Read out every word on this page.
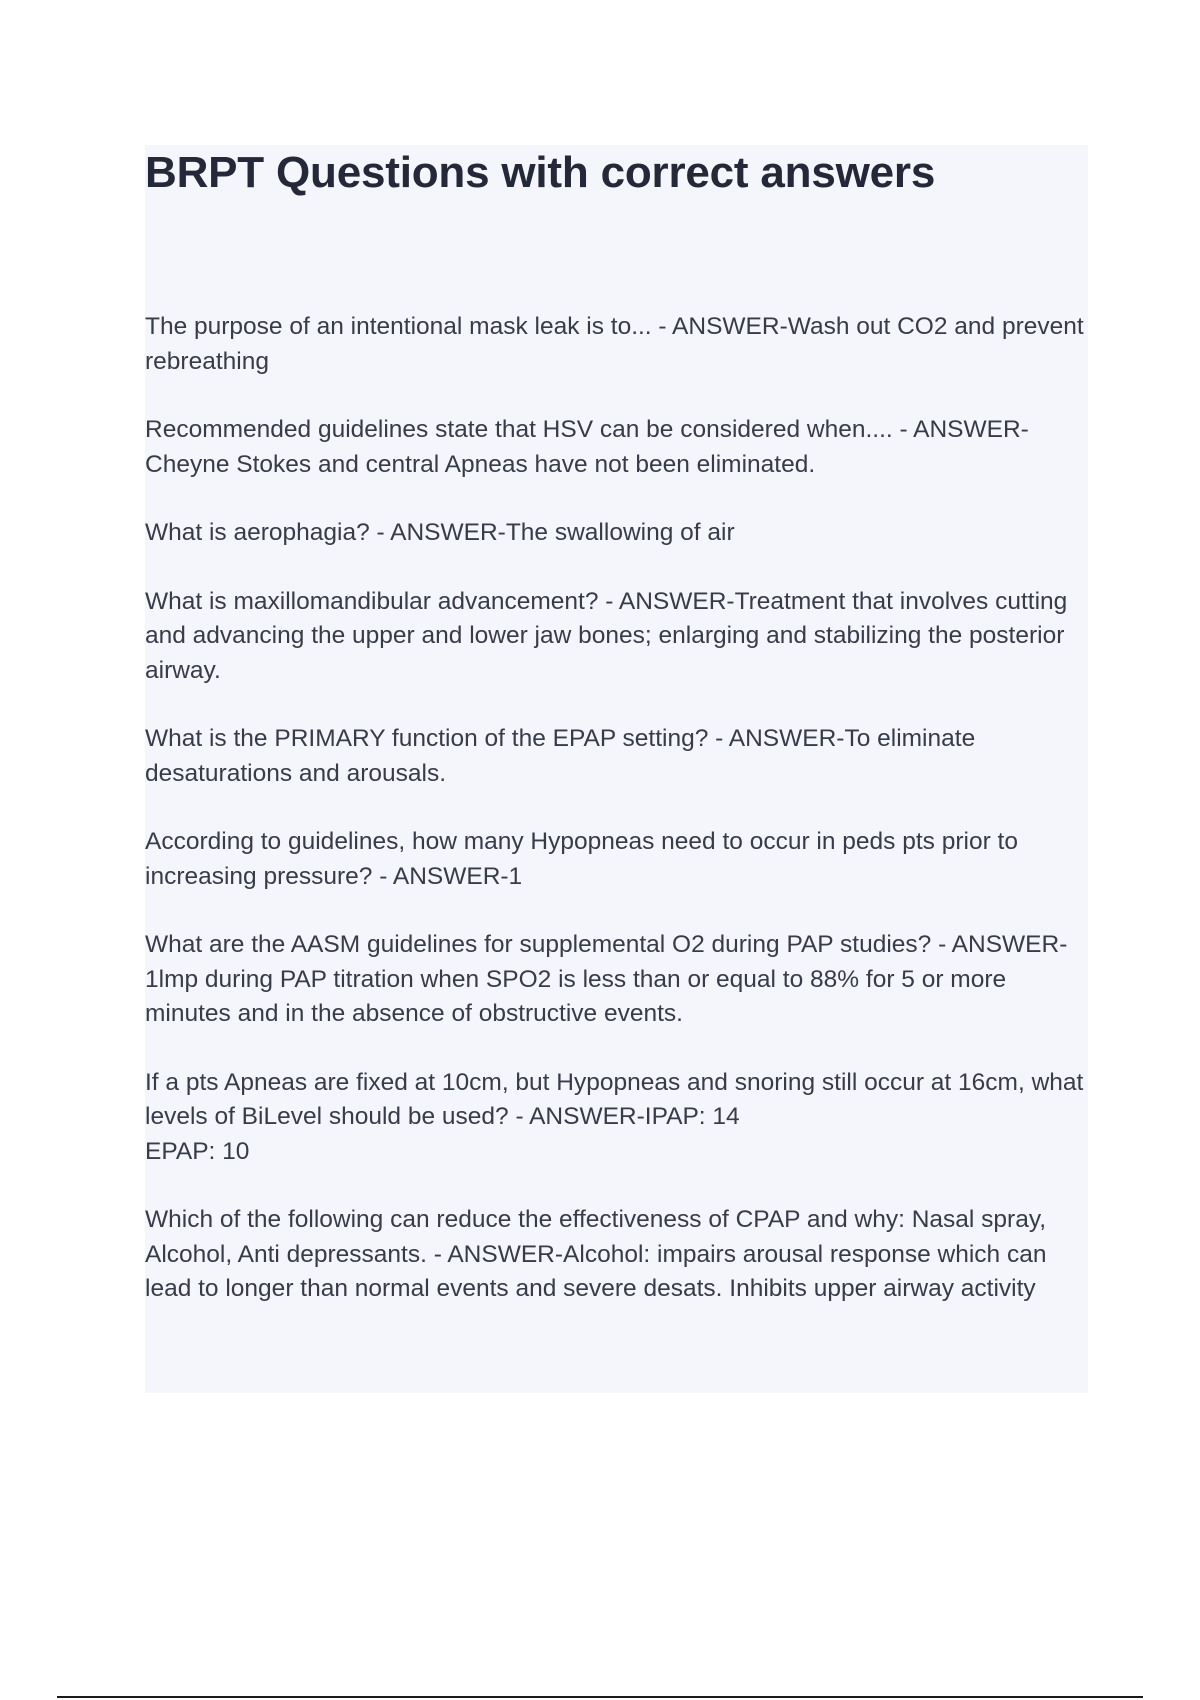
BRPT Questions with correct answers
The purpose of an intentional mask leak is to... - ANSWER-Wash out CO2 and prevent rebreathing
Recommended guidelines state that HSV can be considered when.... - ANSWER-Cheyne Stokes and central Apneas have not been eliminated.
What is aerophagia? - ANSWER-The swallowing of air
What is maxillomandibular advancement? - ANSWER-Treatment that involves cutting and advancing the upper and lower jaw bones; enlarging and stabilizing the posterior airway.
What is the PRIMARY function of the EPAP setting? - ANSWER-To eliminate desaturations and arousals.
According to guidelines, how many Hypopneas need to occur in peds pts prior to increasing pressure? - ANSWER-1
What are the AASM guidelines for supplemental O2 during PAP studies? - ANSWER-1lmp during PAP titration when SPO2 is less than or equal to 88% for 5 or more minutes and in the absence of obstructive events.
If a pts Apneas are fixed at 10cm, but Hypopneas and snoring still occur at 16cm, what levels of BiLevel should be used? - ANSWER-IPAP: 14
EPAP: 10
Which of the following can reduce the effectiveness of CPAP and why: Nasal spray, Alcohol, Anti depressants. - ANSWER-Alcohol: impairs arousal response which can lead to longer than normal events and severe desats. Inhibits upper airway activity
